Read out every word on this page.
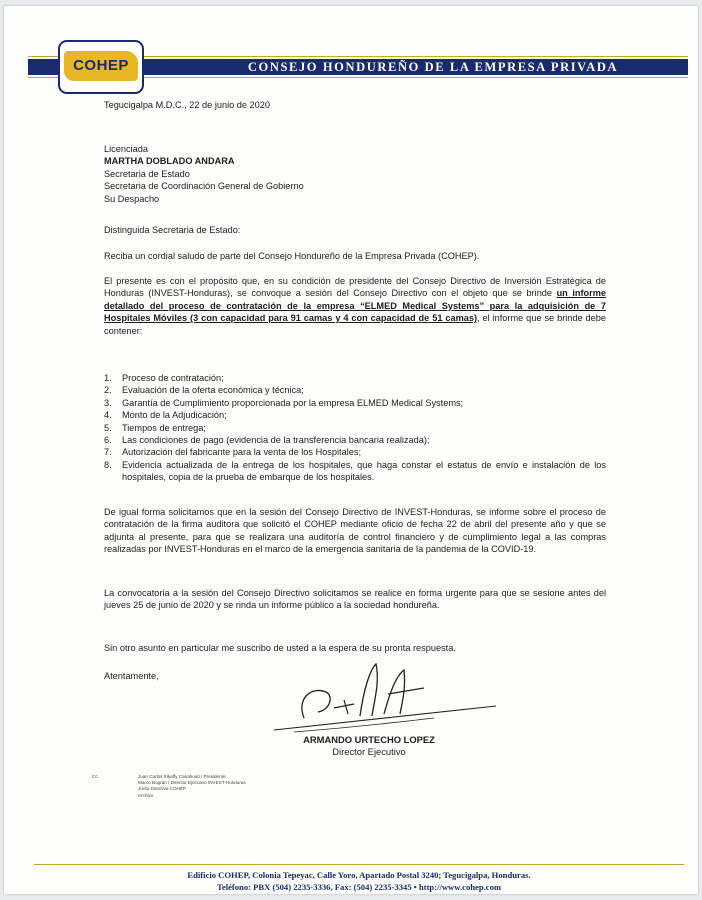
CONSEJO HONDUREÑO DE LA EMPRESA PRIVADA
COHEP

Tegucigalpa M.D.C., 22 de junio de 2020

Licenciada

MARTHA DOBLADO ANDARA

Secretaria de Estado

Secretaria de Coordinación General de Gobierno

Su Despacho

Distinguida Secretaria de Estado:

Reciba un cordial saludo de parte del Consejo Hondureño de la Empresa Privada (COHEP).

El presente es con el propósito que, en su condición de presidente del Consejo Directivo de Inversión Estratégica de Honduras (INVEST-Honduras), se convoque a sesión del Consejo Directivo con el objeto que se brinde un informe detallado del proceso de contratación de la empresa “ELMED Medical Systems” para la adquisición de 7 Hospitales Móviles (3 con capacidad para 91 camas y 4 con capacidad de 51 camas), el informe que se brinde debe contener:
1. Proceso de contratación;
2. Evaluación de la oferta económica y técnica;
3. Garantía de Cumplimiento proporcionada por la empresa ELMED Medical Systems;
4. Monto de la Adjudicación;
5. Tiempos de entrega;
6. Las condiciones de pago (evidencia de la transferencia bancaria realizada);
7. Autorización del fabricante para la venta de los Hospitales;
8. Evidencia actualizada de la entrega de los hospitales, que haga constar el estatus de envío e instalación de los hospitales, copia de la prueba de embarque de los hospitales.

De igual forma solicitamos que en la sesión del Consejo Directivo de INVEST-Honduras, se informe sobre el proceso de contratación de la firma auditora que solicitó el COHEP mediante oficio de fecha 22 de abril del presente año y que se adjunta al presente, para que se realizara una auditoría de control financiero y de cumplimiento legal a las compras realizadas por INVEST-Honduras en el marco de la emergencia sanitaria de la pandemia de la COVID-19.

La convocatoria a la sesión del Consejo Directivo solicitamos se realice en forma urgente para que se sesione antes del jueves 25 de junio de 2020 y se rinda un informe público a la sociedad hondureña.

Sin otro asunto en particular me suscribo de usted a la espera de su pronta respuesta.

Atentamente,

ARMANDO URTECHO LOPEZ
Director Ejecutivo
Cc.	Juan Carlos Sikaffy Canahuati / Presidente
Marco Bográn / Director Ejecutivo INVEST-Honduras
Junta Directiva COHEP
Archivo
Edificio COHEP, Colonia Tepeyac, Calle Yoro, Apartado Postal 3240; Tegucigalpa, Honduras.
Teléfono: PBX (504) 2235-3336, Fax: (504) 2235-3345 • http://www.cohep.com
